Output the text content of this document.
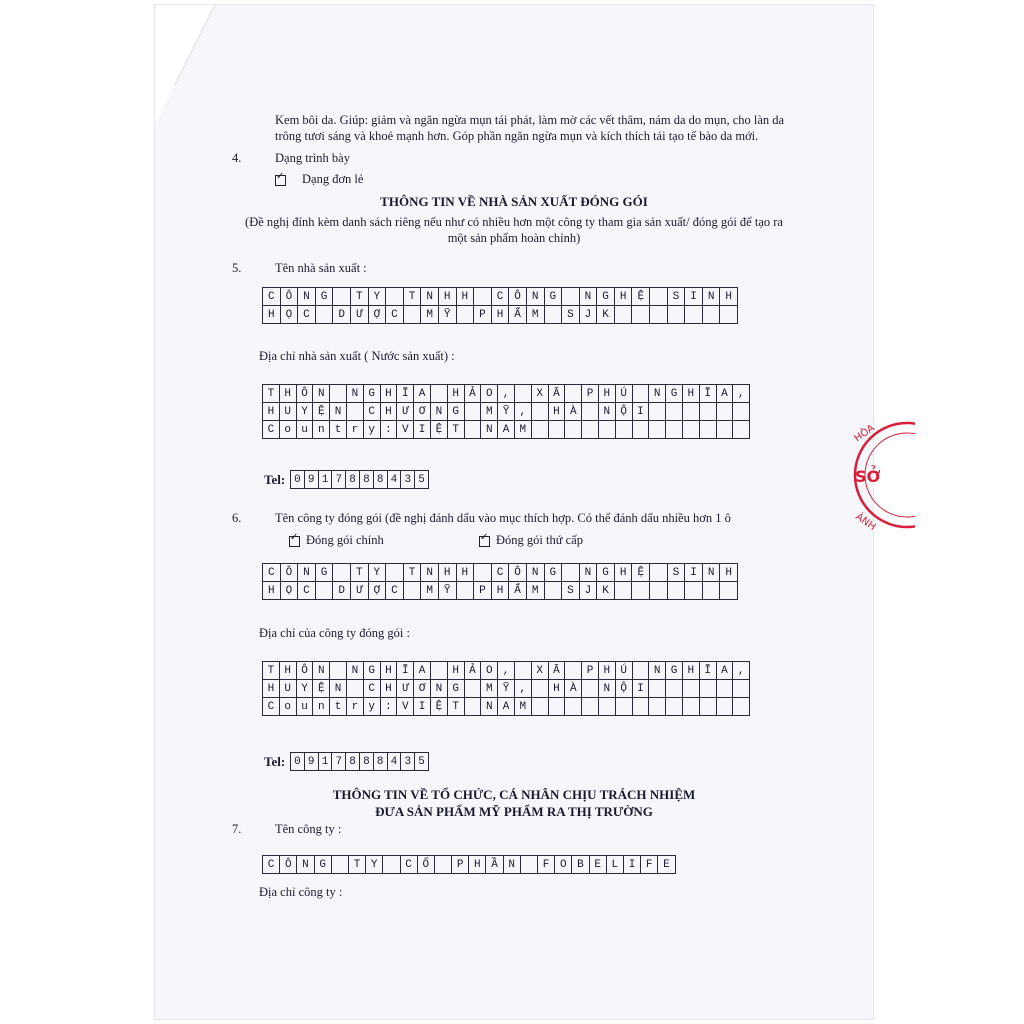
Kem bôi da. Giúp: giảm và ngăn ngừa mụn tái phát, làm mờ các vết thâm, nám da do mụn, cho làn da
trông tươi sáng và khoẻ mạnh hơn. Góp phần ngăn ngừa mụn và kích thích tái tạo tế bào da mới.
4.	Dạng trình bày
✓Dạng đơn lẻ
THÔNG TIN VỀ NHÀ SẢN XUẤT ĐÓNG GÓI
(Đề nghị đính kèm danh sách riêng nếu như có nhiều hơn một công ty tham gia sản xuất/ đóng gói để tạo ra
một sản phẩm hoàn chỉnh)
5.	Tên nhà sản xuất :
C Ô N G	T Y	T N H H	C Ô N G	N G H Ệ	S I N H
H Ọ C	D Ư Ợ C	M Ỹ	P H Ẩ M	S J K
Địa chỉ nhà sản xuất ( Nước sản xuất) :
T H Ô N	N G H Ĩ A	H Ả O ,	X Ã	P H Ú	N G H Ĩ A ,
H U Y Ệ N	C H Ư Ơ N G	M Ỹ ,	H À	N Ộ I
C o u n t r y : V I Ệ T	N A M
Tel: 0 9 1 7 8 8 8 4 3 5
6.	Tên công ty đóng gói (đề nghị đánh dấu vào mục thích hợp. Có thể đánh dấu nhiều hơn 1 ô
✓Đóng gói chính
✓	Đóng gói thứ cấp
C Ô N G	T Y	T N H H	C Ô N G	N G H Ệ	S I N H
H Ọ C	D Ư Ợ C	M Ỹ	P H Ẩ M	S J K
Địa chỉ của công ty đóng gói :
T H Ô N	N G H Ĩ A	H Ả O ,	X Ã	P H Ú	N G H Ĩ A ,
H U Y Ệ N	C H Ư Ơ N G	M Ỹ ,	H À	N Ộ I
C o u n t r y : V I Ệ T	N A M
Tel: 0 9 1 7 8 8 8 4 3 5
THÔNG TIN VỀ TỔ CHỨC, CÁ NHÂN CHỊU TRÁCH NHIỆM
ĐƯA SẢN PHẨM MỸ PHẨM RA THỊ TRƯỜNG
7.	Tên công ty :
C Ô N G	T Y	C Ổ	P H Ầ N	F O B E L I F E
Địa chỉ công ty :
HÒA
SỞ
ÀNH
